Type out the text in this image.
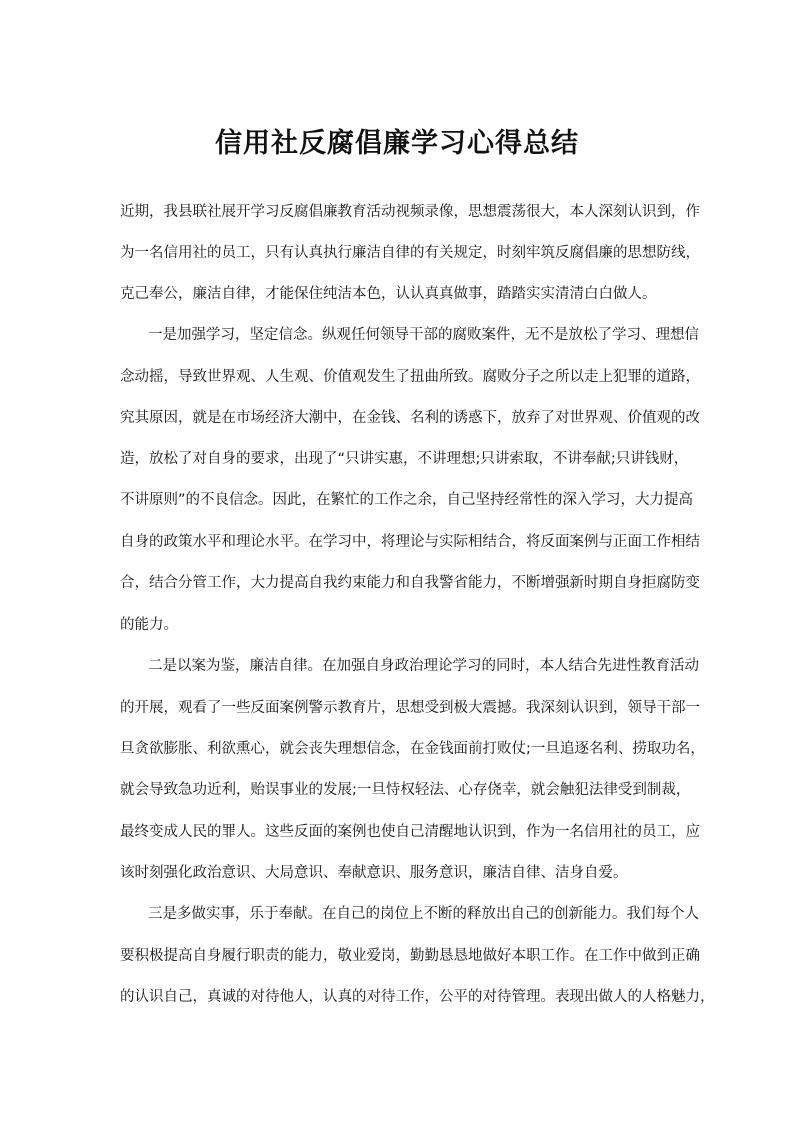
信用社反腐倡廉学习心得总结
近期，我县联社展开学习反腐倡廉教育活动视频录像，思想震荡很大，本人深刻认识到，作
为一名信用社的员工，只有认真执行廉洁自律的有关规定，时刻牢筑反腐倡廉的思想防线，
克己奉公，廉洁自律，才能保住纯洁本色，认认真真做事，踏踏实实清清白白做人。
一是加强学习，坚定信念。纵观任何领导干部的腐败案件，无不是放松了学习、理想信
念动摇，导致世界观、人生观、价值观发生了扭曲所致。腐败分子之所以走上犯罪的道路，
究其原因，就是在市场经济大潮中，在金钱、名利的诱惑下，放弃了对世界观、价值观的改
造，放松了对自身的要求，出现了“只讲实惠，不讲理想;只讲索取，不讲奉献;只讲钱财，
不讲原则”的不良信念。因此，在繁忙的工作之余，自己坚持经常性的深入学习，大力提高
自身的政策水平和理论水平。在学习中，将理论与实际相结合，将反面案例与正面工作相结
合，结合分管工作，大力提高自我约束能力和自我警省能力，不断增强新时期自身拒腐防变
的能力。
二是以案为鉴，廉洁自律。在加强自身政治理论学习的同时，本人结合先进性教育活动
的开展，观看了一些反面案例警示教育片，思想受到极大震撼。我深刻认识到，领导干部一
旦贪欲膨胀、利欲熏心，就会丧失理想信念，在金钱面前打败仗;一旦追逐名利、捞取功名，
就会导致急功近利，贻误事业的发展;一旦恃权轻法、心存侥幸，就会触犯法律受到制裁，
最终变成人民的罪人。这些反面的案例也使自己清醒地认识到，作为一名信用社的员工，应
该时刻强化政治意识、大局意识、奉献意识、服务意识，廉洁自律、洁身自爱。
三是多做实事，乐于奉献。在自己的岗位上不断的释放出自己的创新能力。我们每个人
要积极提高自身履行职责的能力，敬业爱岗，勤勤恳恳地做好本职工作。在工作中做到正确
的认识自己，真诚的对待他人，认真的对待工作，公平的对待管理。表现出做人的人格魅力，
